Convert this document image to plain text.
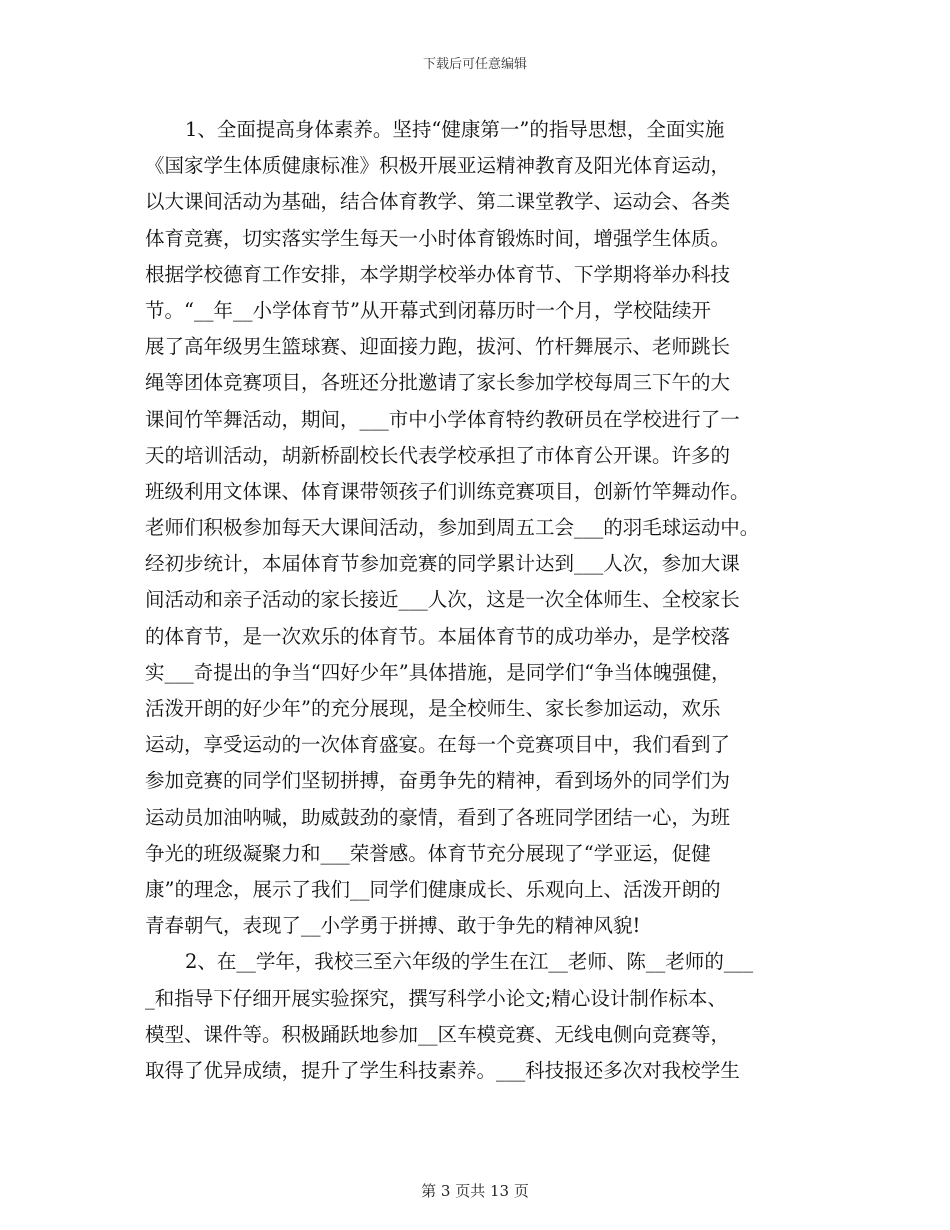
下载后可任意编辑
1、全面提高身体素养。坚持“健康第一”的指导思想，全面实施
《国家学生体质健康标准》积极开展亚运精神教育及阳光体育运动，
以大课间活动为基础，结合体育教学、第二课堂教学、运动会、各类
体育竞赛，切实落实学生每天一小时体育锻炼时间，增强学生体质。
根据学校德育工作安排，本学期学校举办体育节、下学期将举办科技
节。“__年__小学体育节”从开幕式到闭幕历时一个月，学校陆续开
展了高年级男生篮球赛、迎面接力跑，拔河、竹杆舞展示、老师跳长
绳等团体竞赛项目，各班还分批邀请了家长参加学校每周三下午的大
课间竹竿舞活动，期间，___市中小学体育特约教研员在学校进行了一
天的培训活动，胡新桥副校长代表学校承担了市体育公开课。许多的
班级利用文体课、体育课带领孩子们训练竞赛项目，创新竹竿舞动作。
老师们积极参加每天大课间活动，参加到周五工会___的羽毛球运动中。
经初步统计，本届体育节参加竞赛的同学累计达到___人次，参加大课
间活动和亲子活动的家长接近___人次，这是一次全体师生、全校家长
的体育节，是一次欢乐的体育节。本届体育节的成功举办，是学校落
实___奇提出的争当“四好少年”具体措施，是同学们“争当体魄强健，
活泼开朗的好少年”的充分展现，是全校师生、家长参加运动，欢乐
运动，享受运动的一次体育盛宴。在每一个竞赛项目中，我们看到了
参加竞赛的同学们坚韧拼搏，奋勇争先的精神，看到场外的同学们为
运动员加油呐喊，助威鼓劲的豪情，看到了各班同学团结一心，为班
争光的班级凝聚力和___荣誉感。体育节充分展现了“学亚运，促健
康”的理念，展示了我们__同学们健康成长、乐观向上、活泼开朗的
青春朝气，表现了__小学勇于拼搏、敢于争先的精神风貌!
2、在__学年，我校三至六年级的学生在江__老师、陈__老师的___
_和指导下仔细开展实验探究，撰写科学小论文;精心设计制作标本、
模型、课件等。积极踊跃地参加__区车模竞赛、无线电侧向竞赛等，
取得了优异成绩，提升了学生科技素养。___科技报还多次对我校学生
第 3 页共 13 页
